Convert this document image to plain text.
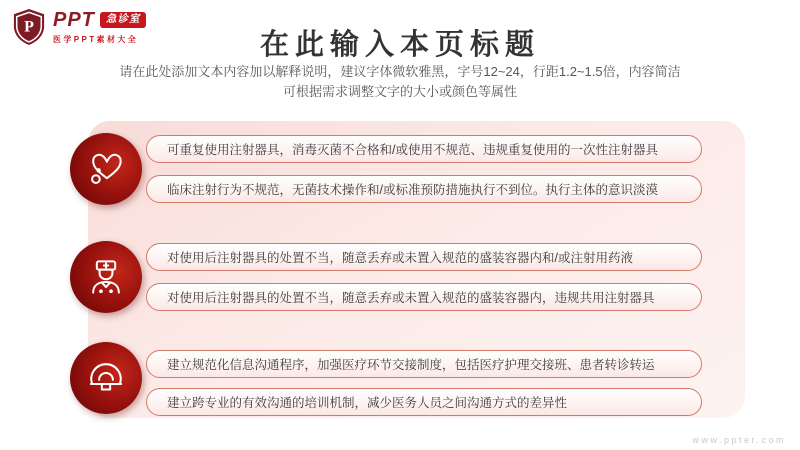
P PPT	急诊室
医学PPT素材大全	在此输入本页标题
请在此处添加文本内容加以解释说明，建议字体微软雅黑，字号12~24，行距1.2~1.5倍，内容简洁
可根据需求调整文字的大小或颜色等属性
可重复使用注射器具，消毒灭菌不合格和/或使用不规范、违规重复使用的一次性注射器具
临床注射行为不规范，无菌技术操作和/或标准预防措施执行不到位。执行主体的意识淡漠
对使用后注射器具的处置不当，随意丢弃或未置入规范的盛装容器内和/或注射用药液
对使用后注射器具的处置不当，随意丢弃或未置入规范的盛装容器内，违规共用注射器具
建立规范化信息沟通程序，加强医疗环节交接制度，包括医疗护理交接班、患者转诊转运
建立跨专业的有效沟通的培训机制，减少医务人员之间沟通方式的差异性
www.ppter.com
